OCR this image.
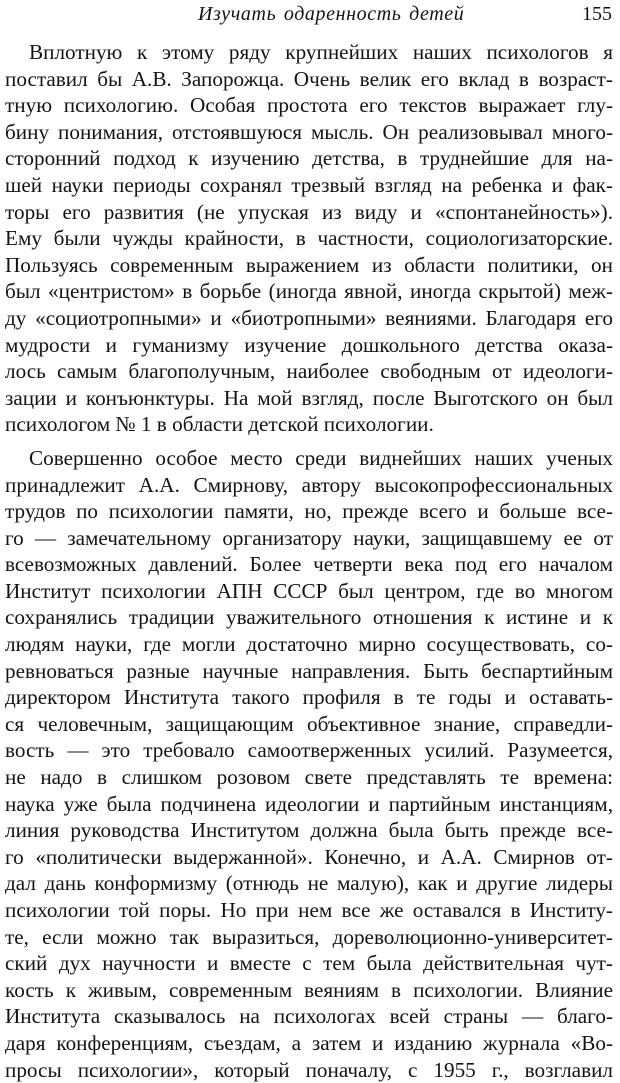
Изучать одаренность детей	155
Вплотную к этому ряду крупнейших наших психологов я
поставил бы А.В. Запорожца. Очень велик его вклад в возраст-
тную психологию. Особая простота его текстов выражает глу-
бину понимания, отстоявшуюся мысль. Он реализовывал много-
сторонний подход к изучению детства, в труднейшие для на-
шей науки периоды сохранял трезвый взгляд на ребенка и фак-
торы его развития (не упуская из виду и «спонтанейность»).
Ему были чужды крайности, в частности, социологизаторские.
Пользуясь современным выражением из области политики, он
был «центристом» в борьбе (иногда явной, иногда скрытой) меж-
ду «социотропными» и «биотропными» веяниями. Благодаря его
мудрости и гуманизму изучение дошкольного детства оказа-
лось самым благополучным, наиболее свободным от идеологи-
зации и конъюнктуры. На мой взгляд, после Выготского он был
психологом № 1 в области детской психологии.
Совершенно особое место среди виднейших наших ученых
принадлежит А.А. Смирнову, автору высокопрофессиональных
трудов по психологии памяти, но, прежде всего и больше все-
го — замечательному организатору науки, защищавшему ее от
всевозможных давлений. Более четверти века под его началом
Институт психологии АПН СССР был центром, где во многом
сохранялись традиции уважительного отношения к истине и к
людям науки, где могли достаточно мирно сосуществовать, со-
ревноваться разные научные направления. Быть беспартийным
директором Института такого профиля в те годы и оставать-
ся человечным, защищающим объективное знание, справедли-
вость — это требовало самоотверженных усилий. Разумеется,
не надо в слишком розовом свете представлять те времена:
наука уже была подчинена идеологии и партийным инстанциям,
линия руководства Институтом должна была быть прежде все-
го «политически выдержанной». Конечно, и А.А. Смирнов от-
дал дань конформизму (отнюдь не малую), как и другие лидеры
психологии той поры. Но при нем все же оставался в Институ-
те, если можно так выразиться, дореволюционно-университет-
ский дух научности и вместе с тем была действительная чут-
кость к живым, современным веяниям в психологии. Влияние
Института сказывалось на психологах всей страны — благо-
даря конференциям, съездам, а затем и изданию журнала «Во-
просы психологии», который поначалу, с 1955 г., возглавил
